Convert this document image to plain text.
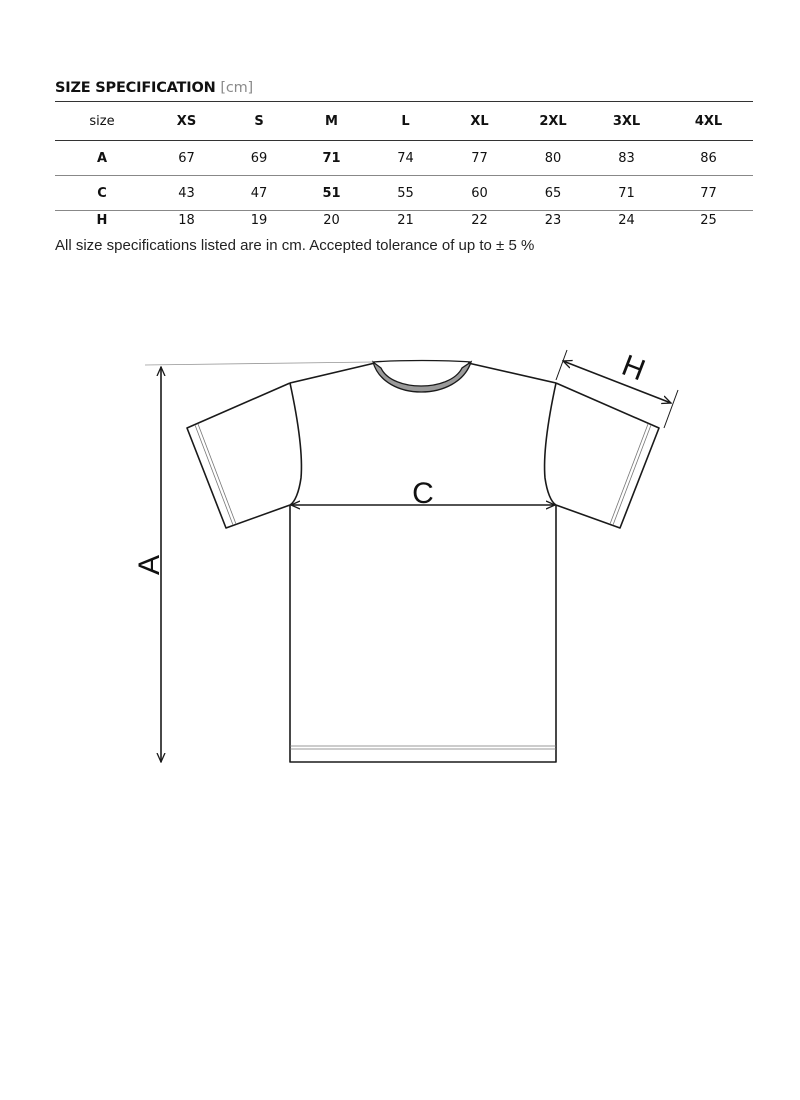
SIZE SPECIFICATION [cm]
size	XS	S	M	L	XL	2XL	3XL	4XL
A	67	69	71	74	77	80	83	86
C	43	47	51	55	60	65	71	77
H	18	19	20	21	22	23	24	25
All size specifications listed are in cm. Accepted tolerance of up to ± 5 %
A
C
H
